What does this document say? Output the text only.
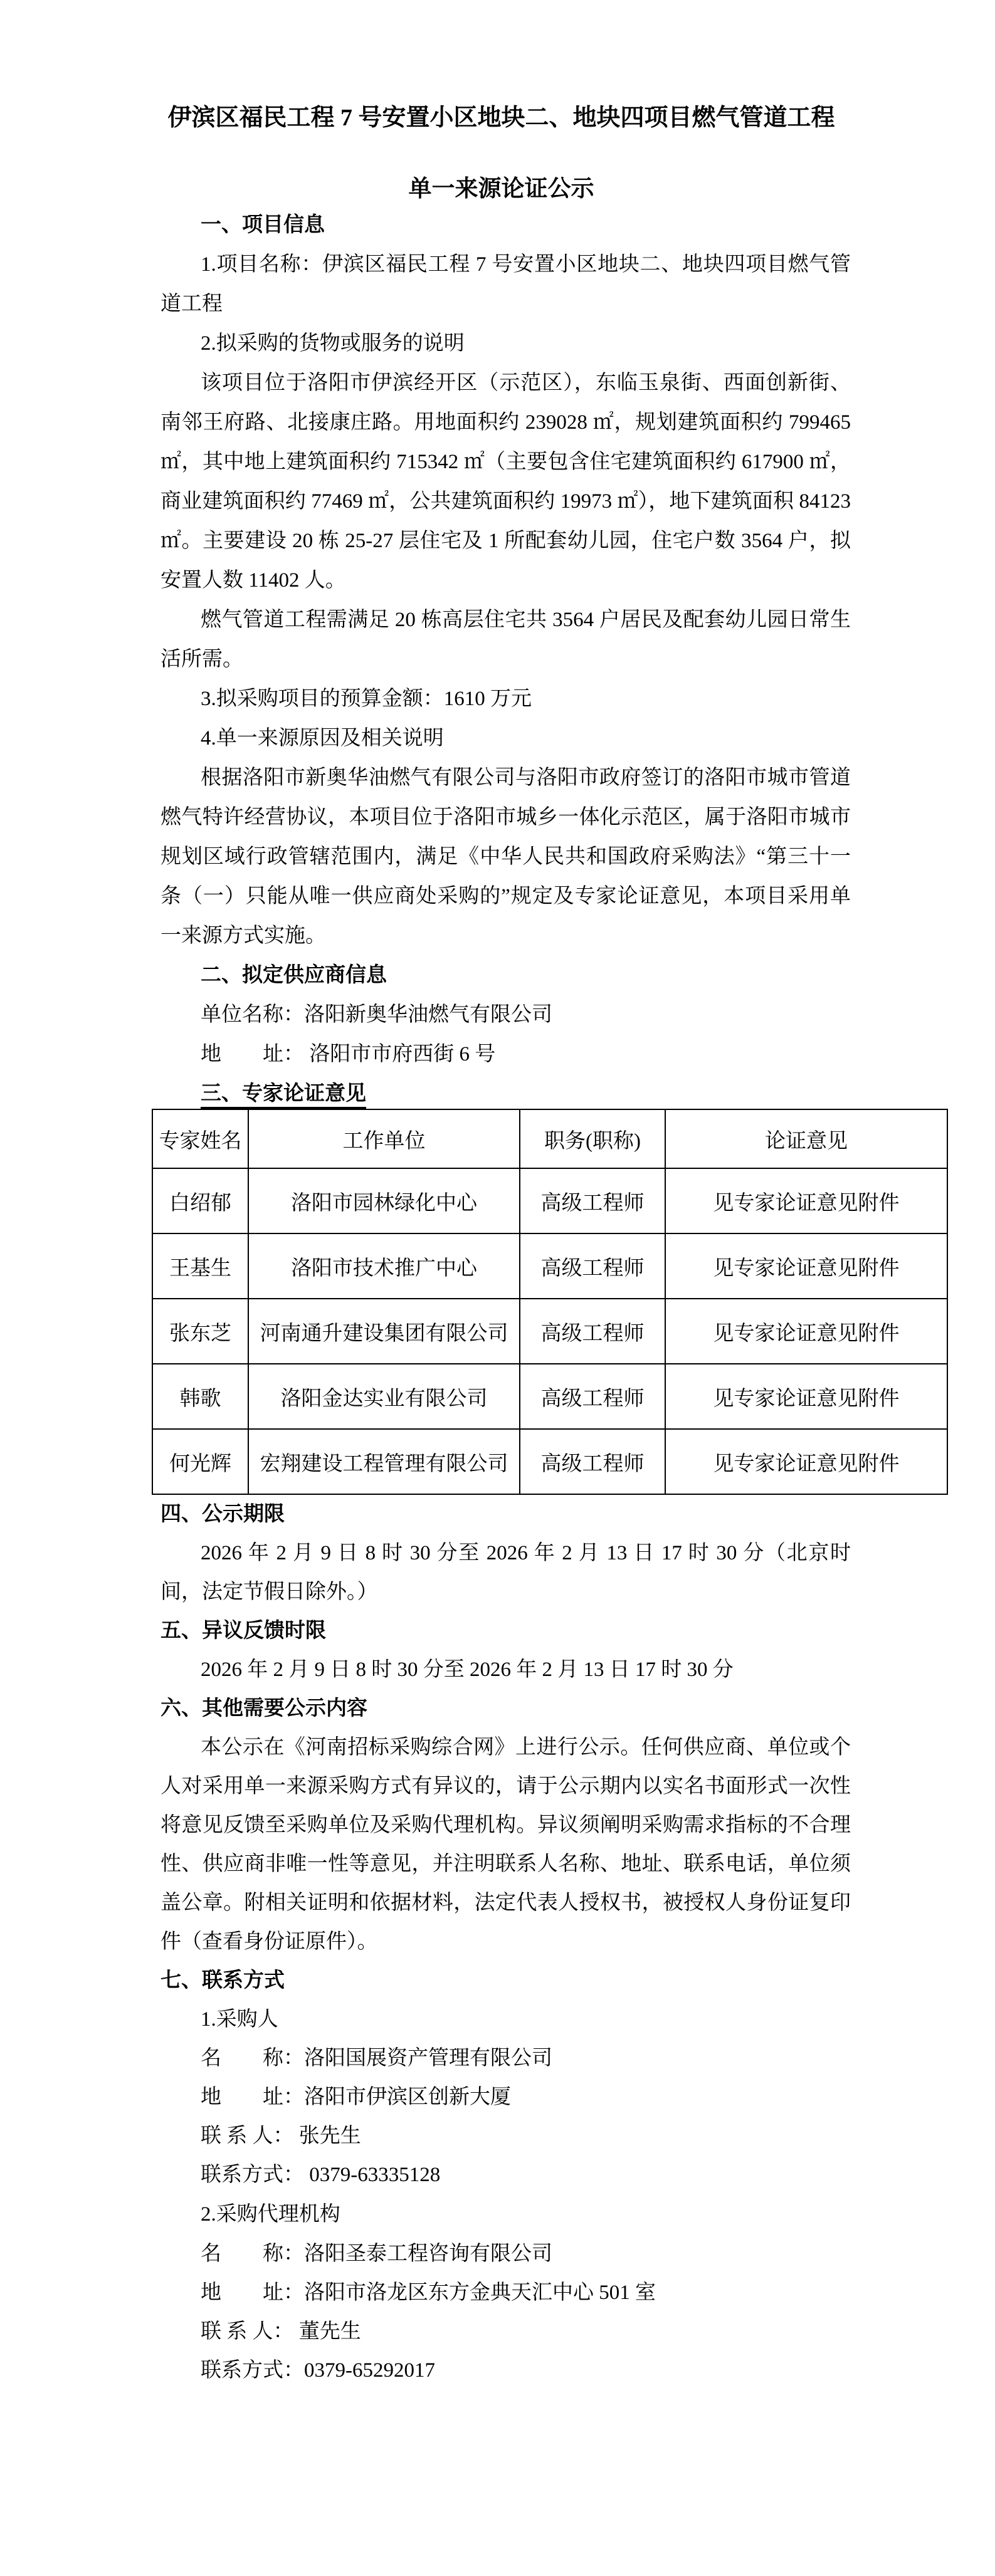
伊滨区福民工程 7 号安置小区地块二、地块四项目燃气管道工程
单一来源论证公示

一、项目信息

1.项目名称：伊滨区福民工程 7 号安置小区地块二、地块四项目燃气管道工程

2.拟采购的货物或服务的说明

该项目位于洛阳市伊滨经开区（示范区），东临玉泉街、西面创新街、南邻王府路、北接康庄路。用地面积约 239028 ㎡，规划建筑面积约 799465 ㎡，其中地上建筑面积约 715342 ㎡（主要包含住宅建筑面积约 617900 ㎡，商业建筑面积约 77469 ㎡，公共建筑面积约 19973 ㎡），地下建筑面积 84123 ㎡。主要建设 20 栋 25-27 层住宅及 1 所配套幼儿园，住宅户数 3564 户，拟安置人数 11402 人。

燃气管道工程需满足 20 栋高层住宅共 3564 户居民及配套幼儿园日常生活所需。

3.拟采购项目的预算金额：1610 万元

4.单一来源原因及相关说明

根据洛阳市新奥华油燃气有限公司与洛阳市政府签订的洛阳市城市管道燃气特许经营协议，本项目位于洛阳市城乡一体化示范区，属于洛阳市城市规划区域行政管辖范围内，满足《中华人民共和国政府采购法》“第三十一条（一）只能从唯一供应商处采购的”规定及专家论证意见，本项目采用单一来源方式实施。

二、拟定供应商信息

单位名称：洛阳新奥华油燃气有限公司

地　　址： 洛阳市市府西街 6 号

三、专家论证意见

专家姓名	工作单位	职务(职称)	论证意见
白绍郁	洛阳市园林绿化中心	高级工程师	见专家论证意见附件
王基生	洛阳市技术推广中心	高级工程师	见专家论证意见附件
张东芝	河南通升建设集团有限公司	高级工程师	见专家论证意见附件
韩歌	洛阳金达实业有限公司	高级工程师	见专家论证意见附件
何光辉	宏翔建设工程管理有限公司	高级工程师	见专家论证意见附件

四、公示期限

2026 年 2 月 9 日 8 时 30 分至 2026 年 2 月 13 日 17 时 30 分（北京时间，法定节假日除外。）

五、异议反馈时限

2026 年 2 月 9 日 8 时 30 分至 2026 年 2 月 13 日 17 时 30 分

六、其他需要公示内容

本公示在《河南招标采购综合网》上进行公示。任何供应商、单位或个人对采用单一来源采购方式有异议的，请于公示期内以实名书面形式一次性将意见反馈至采购单位及采购代理机构。异议须阐明采购需求指标的不合理性、供应商非唯一性等意见，并注明联系人名称、地址、联系电话，单位须盖公章。附相关证明和依据材料，法定代表人授权书，被授权人身份证复印件（查看身份证原件）。

七、联系方式

1.采购人

名　　称：洛阳国展资产管理有限公司

地　　址：洛阳市伊滨区创新大厦

联 系 人： 张先生

联系方式： 0379-63335128

2.采购代理机构

名　　称：洛阳圣泰工程咨询有限公司

地　　址：洛阳市洛龙区东方金典天汇中心 501 室

联 系 人： 董先生

联系方式：0379-65292017
